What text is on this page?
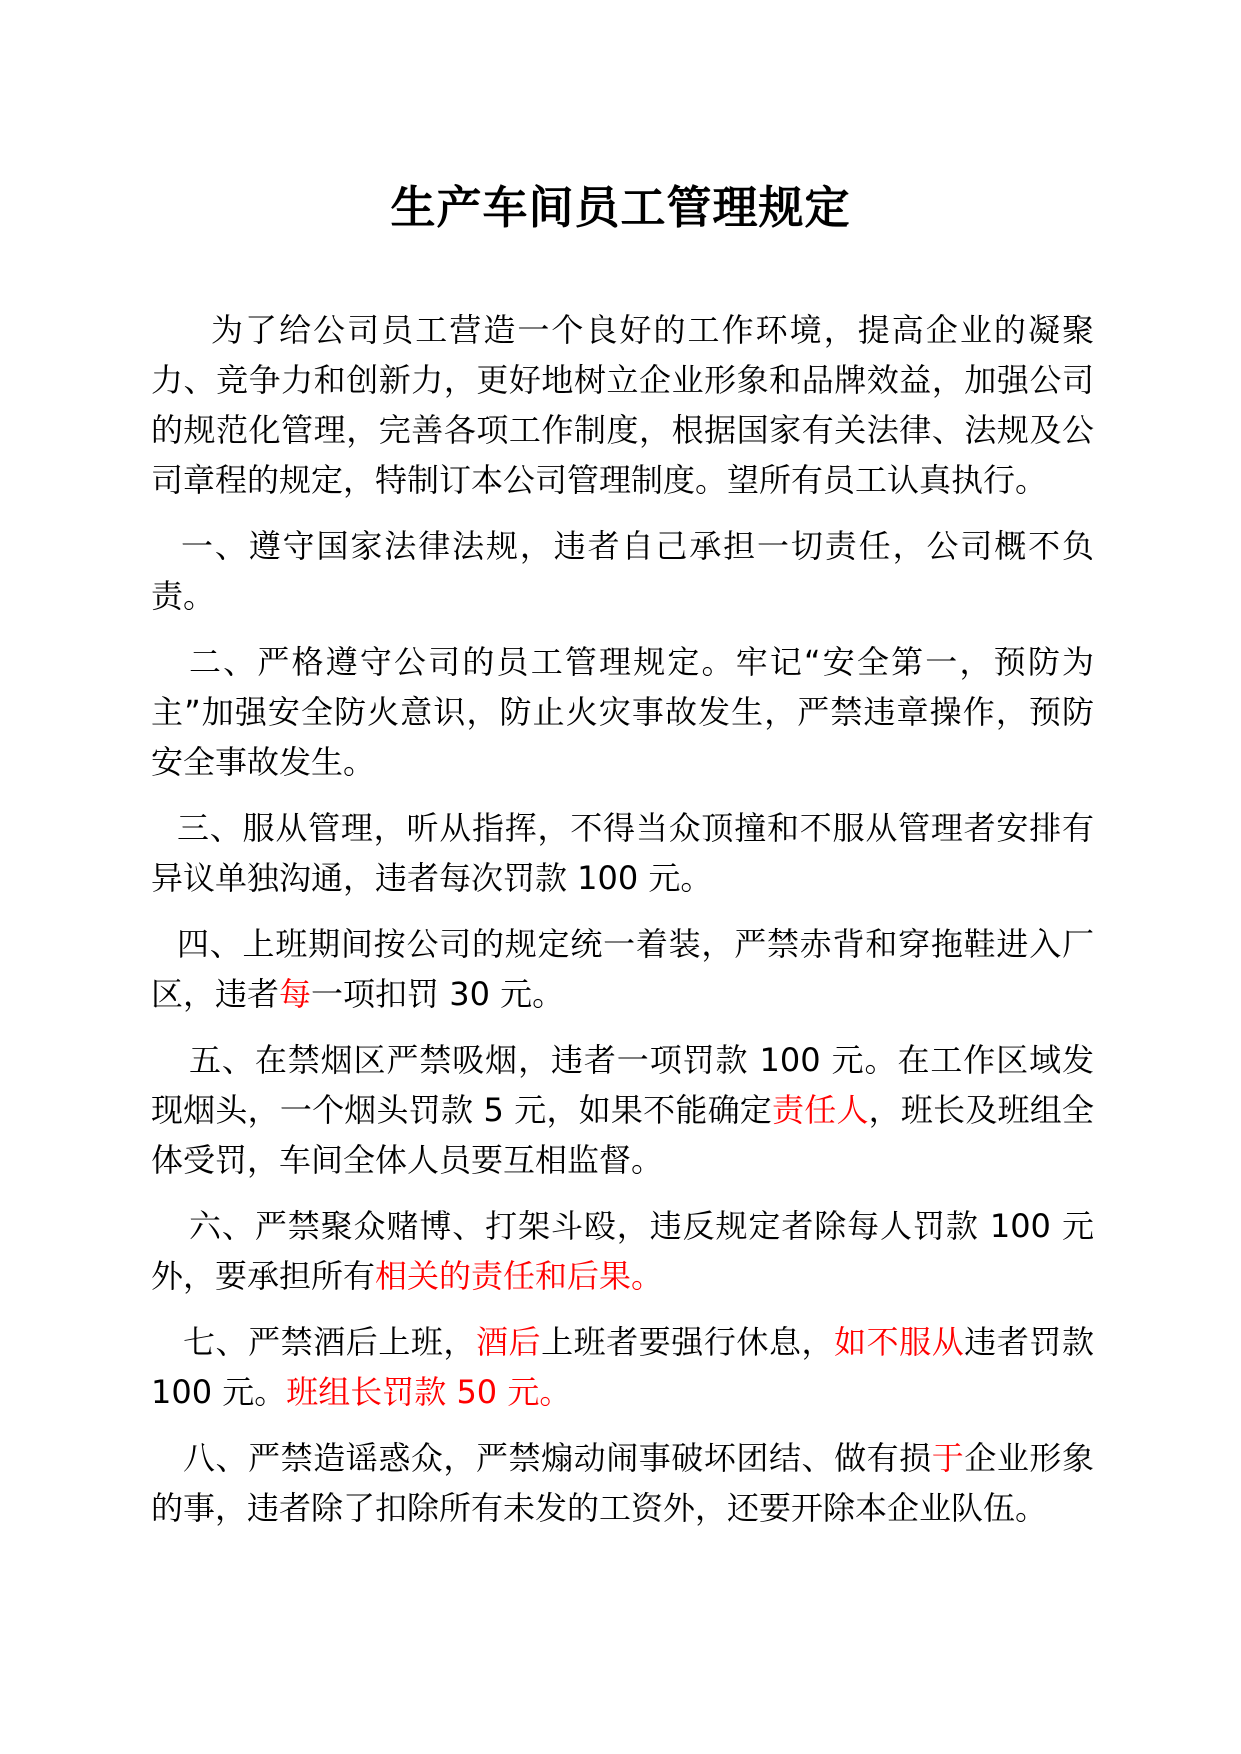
生产车间员工管理规定

为了给公司员工营造一个良好的工作环境，提高企业的凝聚力、竞争力和创新力，更好地树立企业形象和品牌效益，加强公司的规范化管理，完善各项工作制度，根据国家有关法律、法规及公司章程的规定，特制订本公司管理制度。望所有员工认真执行。

一、遵守国家法律法规，违者自己承担一切责任，公司概不负责。

二、严格遵守公司的员工管理规定。牢记“安全第一，预防为主”加强安全防火意识，防止火灾事故发生，严禁违章操作，预防安全事故发生。

三、服从管理，听从指挥，不得当众顶撞和不服从管理者安排有异议单独沟通，违者每次罚款 100 元。

四、上班期间按公司的规定统一着装，严禁赤背和穿拖鞋进入厂区，违者每一项扣罚 30 元。

五、在禁烟区严禁吸烟，违者一项罚款 100 元。在工作区域发现烟头，一个烟头罚款 5 元，如果不能确定责任人，班长及班组全体受罚，车间全体人员要互相监督。

六、严禁聚众赌博、打架斗殴，违反规定者除每人罚款 100 元外，要承担所有相关的责任和后果。

七、严禁酒后上班，酒后上班者要强行休息，如不服从违者罚款 100 元。班组长罚款 50 元。

八、严禁造谣惑众，严禁煽动闹事破坏团结、做有损于企业形象的事，违者除了扣除所有未发的工资外，还要开除本企业队伍。
